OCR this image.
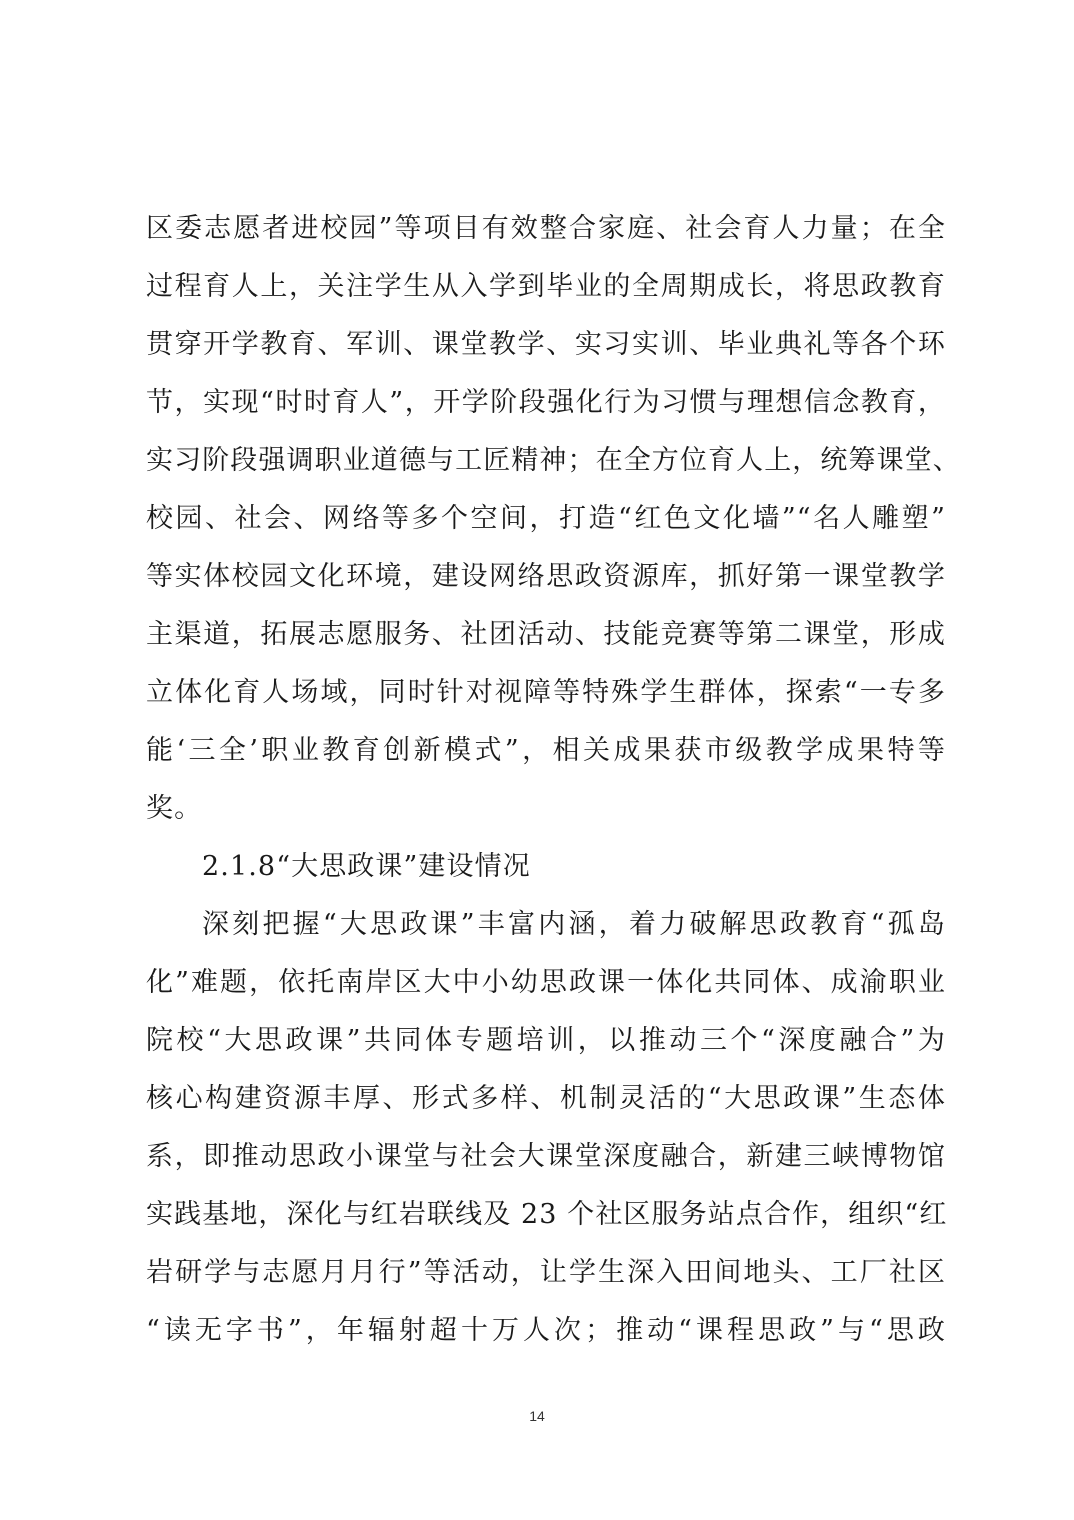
区委志愿者进校园”等项目有效整合家庭、社会育人力量；在全
过程育人上，关注学生从入学到毕业的全周期成长，将思政教育
贯穿开学教育、军训、课堂教学、实习实训、毕业典礼等各个环
节，实现“时时育人”，开学阶段强化行为习惯与理想信念教育，
实习阶段强调职业道德与工匠精神；在全方位育人上，统筹课堂、
校园、社会、网络等多个空间，打造“红色文化墙”“名人雕塑”
等实体校园文化环境，建设网络思政资源库，抓好第一课堂教学
主渠道，拓展志愿服务、社团活动、技能竞赛等第二课堂，形成
立体化育人场域，同时针对视障等特殊学生群体，探索“一专多
能‘三全’职业教育创新模式”，相关成果获市级教学成果特等
奖。
2.1.8“大思政课”建设情况
深刻把握“大思政课”丰富内涵，着力破解思政教育“孤岛
化”难题，依托南岸区大中小幼思政课一体化共同体、成渝职业
院校“大思政课”共同体专题培训，以推动三个“深度融合”为
核心构建资源丰厚、形式多样、机制灵活的“大思政课”生态体
系，即推动思政小课堂与社会大课堂深度融合，新建三峡博物馆
实践基地，深化与红岩联线及 23 个社区服务站点合作，组织“红
岩研学与志愿月月行”等活动，让学生深入田间地头、工厂社区
“读无字书”，年辐射超十万人次；推动“课程思政”与“思政
14
